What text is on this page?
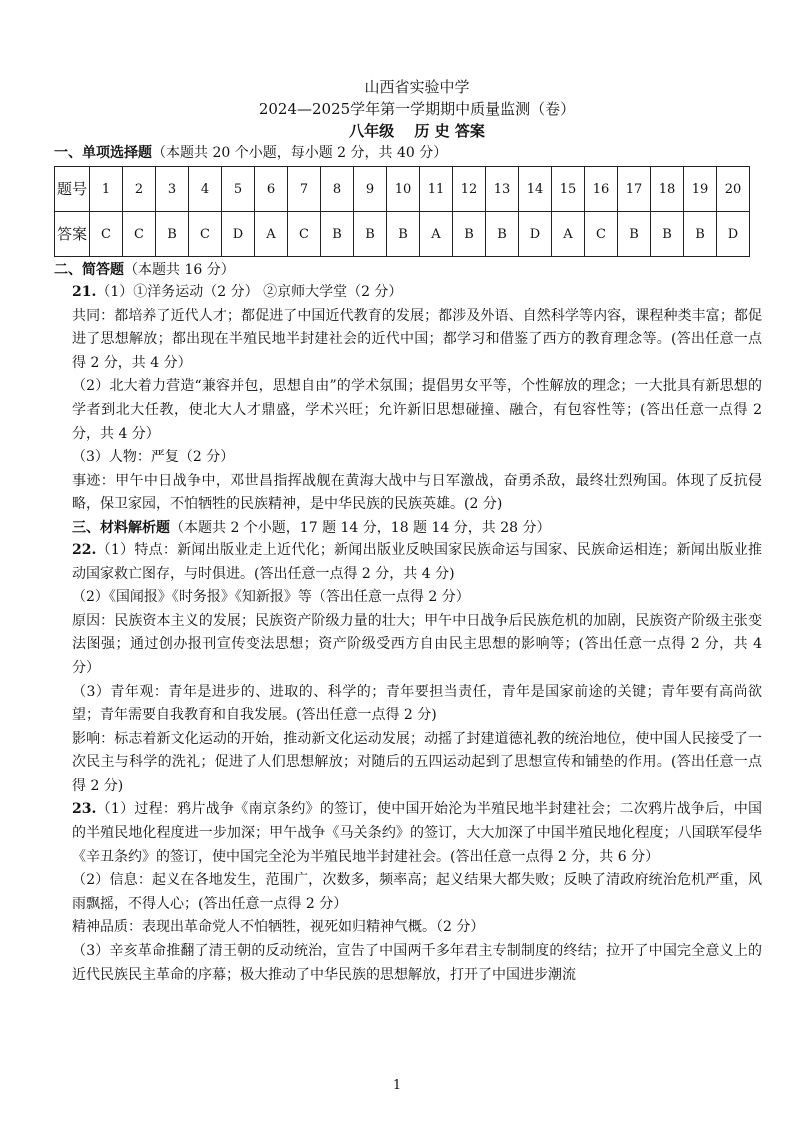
山西省实验中学
2024—2025学年第一学期期中质量监测（卷）
八年级　 历 史 答案
一、单项选择题（本题共 20 个小题，每小题 2 分，共 40 分）
题号	1	2	3	4	5	6	7	8	9	10	11	12	13	14	15	16	17	18	19	20
答案	C	C	B	C	D	A	C	B	B	B	A	B	B	D	A	C	B	B	B	D
二、简答题（本题共 16 分）

21.（1）①洋务运动（2 分） ②京师大学堂（2 分）

共同：都培养了近代人才；都促进了中国近代教育的发展；都涉及外语、自然科学等内容，课程种类丰富；都促进了思想解放；都出现在半殖民地半封建社会的近代中国；都学习和借鉴了西方的教育理念等。(答出任意一点得 2 分，共 4 分）

（2）北大着力营造“兼容并包，思想自由”的学术氛围；提倡男女平等，个性解放的理念；一大批具有新思想的学者到北大任教，使北大人才鼎盛，学术兴旺；允许新旧思想碰撞、融合，有包容性等；(答出任意一点得 2 分，共 4 分）

（3）人物：严复（2 分）

事迹：甲午中日战争中，邓世昌指挥战舰在黄海大战中与日军激战，奋勇杀敌，最终壮烈殉国。体现了反抗侵略，保卫家园，不怕牺牲的民族精神，是中华民族的民族英雄。(2 分)

三、材料解析题（本题共 2 个小题，17 题 14 分，18 题 14 分，共 28 分）

22.（1）特点：新闻出版业走上近代化；新闻出版业反映国家民族命运与国家、民族命运相连；新闻出版业推动国家救亡图存，与时俱进。(答出任意一点得 2 分，共 4 分)

（2）《国闻报》《时务报》《知新报》等（答出任意一点得 2 分）

原因：民族资本主义的发展；民族资产阶级力量的壮大；甲午中日战争后民族危机的加剧，民族资产阶级主张变法图强；通过创办报刊宣传变法思想；资产阶级受西方自由民主思想的影响等；(答出任意一点得 2 分，共 4 分）

（3）青年观：青年是进步的、进取的、科学的；青年要担当责任，青年是国家前途的关键；青年要有高尚欲望；青年需要自我教育和自我发展。(答出任意一点得 2 分)

影响：标志着新文化运动的开始，推动新文化运动发展；动摇了封建道德礼教的统治地位，使中国人民接受了一次民主与科学的洗礼；促进了人们思想解放；对随后的五四运动起到了思想宣传和铺垫的作用。(答出任意一点得 2 分)

23.（1）过程：鸦片战争《南京条约》的签订，使中国开始沦为半殖民地半封建社会；二次鸦片战争后，中国的半殖民地化程度进一步加深；甲午战争《马关条约》的签订，大大加深了中国半殖民地化程度；八国联军侵华《辛丑条约》的签订，使中国完全沦为半殖民地半封建社会。(答出任意一点得 2 分，共 6 分）

（2）信息：起义在各地发生，范围广，次数多，频率高；起义结果大都失败；反映了清政府统治危机严重，风雨飘摇，不得人心；(答出任意一点得 2 分）

精神品质：表现出革命党人不怕牺牲，视死如归精神气概。（2 分）

（3）辛亥革命推翻了清王朝的反动统治，宣告了中国两千多年君主专制制度的终结；拉开了中国完全意义上的近代民族民主革命的序幕；极大推动了中华民族的思想解放，打开了中国进步潮流

1
